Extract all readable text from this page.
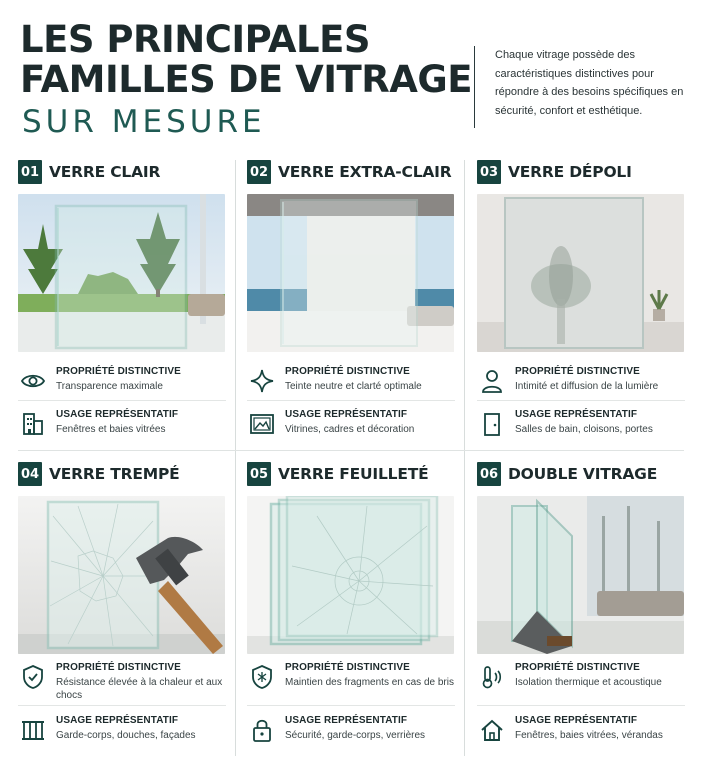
LES PRINCIPALES
FAMILLES DE VITRAGE
SUR MESURE
Chaque vitrage possède des caractéristiques distinctives pour répondre à des besoins spécifiques en sécurité, confort et esthétique.
01 VERRE CLAIR
PROPRIÉTÉ DISTINCTIVE
Transparence maximale
USAGE REPRÉSENTATIF
Fenêtres et baies vitrées
02 VERRE EXTRA-CLAIR
PROPRIÉTÉ DISTINCTIVE
Teinte neutre et clarté optimale
USAGE REPRÉSENTATIF
Vitrines, cadres et décoration
03 VERRE DÉPOLI
PROPRIÉTÉ DISTINCTIVE
Intimité et diffusion de la lumière
USAGE REPRÉSENTATIF
Salles de bain, cloisons, portes
04 VERRE TREMPÉ
PROPRIÉTÉ DISTINCTIVE
Résistance élevée à la chaleur et aux chocs
USAGE REPRÉSENTATIF
Garde-corps, douches, façades
05 VERRE FEUILLETÉ
PROPRIÉTÉ DISTINCTIVE
Maintien des fragments en cas de bris
USAGE REPRÉSENTATIF
Sécurité, garde-corps, verrières
06 DOUBLE VITRAGE
PROPRIÉTÉ DISTINCTIVE
Isolation thermique et acoustique
USAGE REPRÉSENTATIF
Fenêtres, baies vitrées, vérandas
